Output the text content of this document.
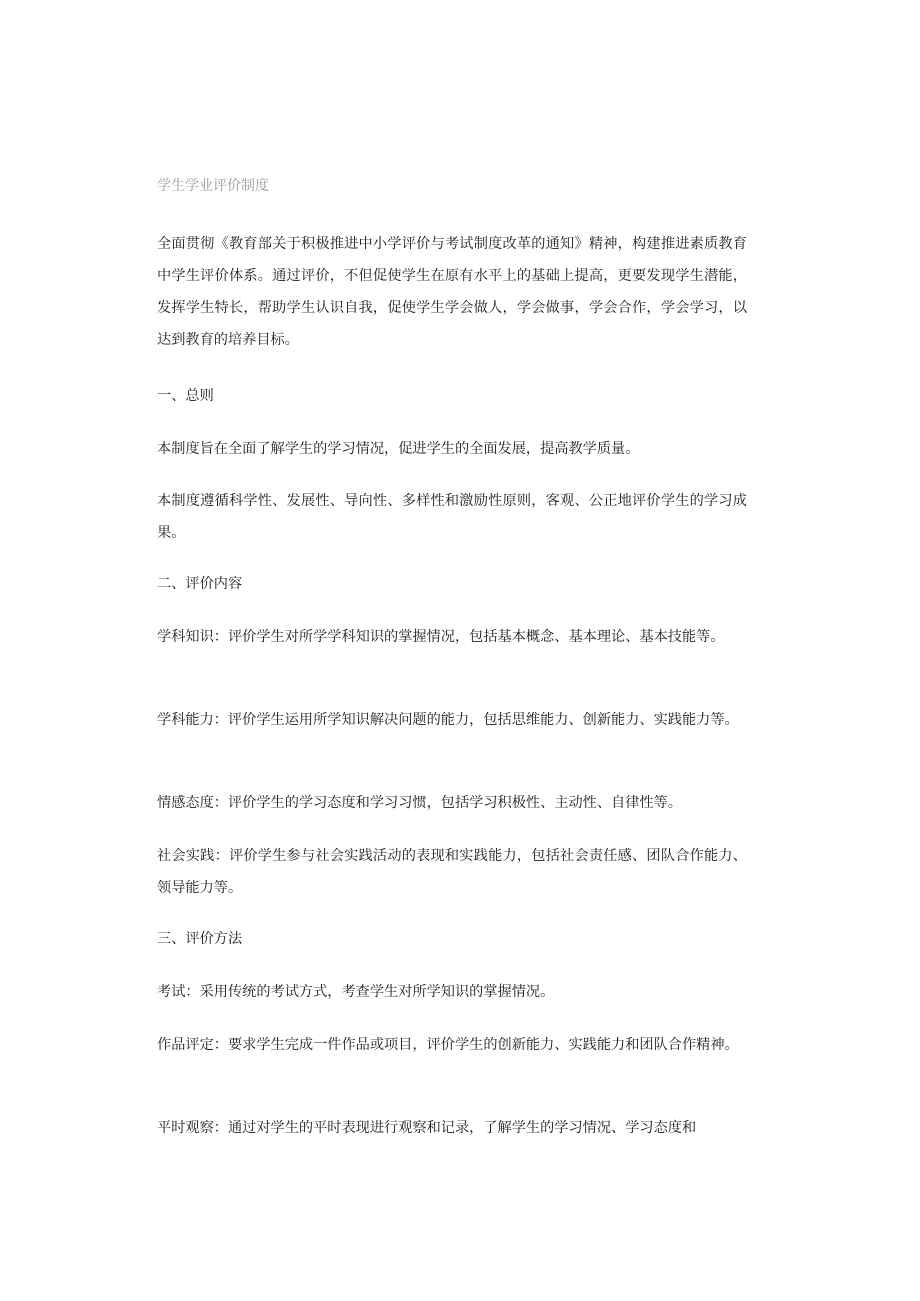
学生学业评价制度

全面贯彻《教育部关于积极推进中小学评价与考试制度改革的通知》精神，构建推进素质教育中学生评价体系。通过评价，不但促使学生在原有水平上的基础上提高，更要发现学生潜能，发挥学生特长，帮助学生认识自我，促使学生学会做人，学会做事，学会合作，学会学习，以达到教育的培养目标。

一、总则

本制度旨在全面了解学生的学习情况，促进学生的全面发展，提高教学质量。

本制度遵循科学性、发展性、导向性、多样性和激励性原则，客观、公正地评价学生的学习成果。

二、评价内容

学科知识：评价学生对所学学科知识的掌握情况，包括基本概念、基本理论、基本技能等。

学科能力：评价学生运用所学知识解决问题的能力，包括思维能力、创新能力、实践能力等。

情感态度：评价学生的学习态度和学习习惯，包括学习积极性、主动性、自律性等。

社会实践：评价学生参与社会实践活动的表现和实践能力，包括社会责任感、团队合作能力、领导能力等。

三、评价方法

考试：采用传统的考试方式，考查学生对所学知识的掌握情况。

作品评定：要求学生完成一件作品或项目，评价学生的创新能力、实践能力和团队合作精神。

平时观察：通过对学生的平时表现进行观察和记录，了解学生的学习情况、学习态度和
